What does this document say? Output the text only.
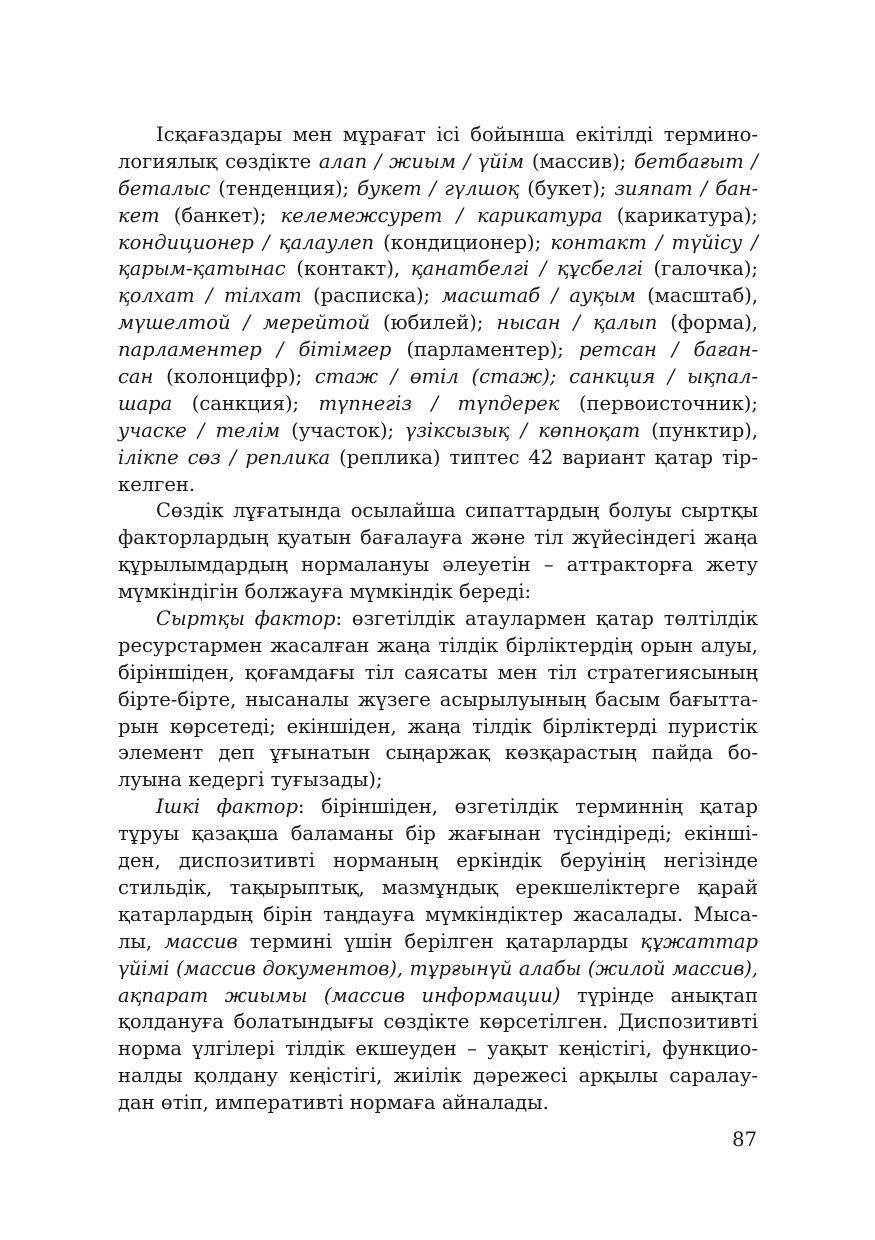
Iсқағаздары мен мұрағат iсi бойынша екiтiлдi термино-
логиялық сөздiкте алап / жиым / үйiм (массив); бетбағыт /
беталыс (тенденция); букет / гүлшоқ (букет); зияпат / бан-
кет (банкет); келемежсурет / карикатура (карикатура);
кондиционер / қалаулеп (кондиционер); контакт / түйiсу /
қарым-қатынас (контакт), қанатбелгi / құсбелгi (галочка);
қолхат / тiлхат (расписка); масштаб / ауқым (масштаб),
мүшелтой / мерейтой (юбилей); нысан / қалып (форма),
парламентер / бiтiмгер (парламентер); ретсан / баған-
сан (колонцифр); стаж / өтiл (стаж); санкция / ықпал-
шара (санкция); түпнегiз / түпдерек (первоисточник);
учаске / телiм (участок); үзiксызық / көпноқат (пунктир),
iлiкпе сөз / реплика (реплика) типтес 42 вариант қатар тiр-
келген.
Сөздiк лұғатында осылайша сипаттардың болуы сыртқы
факторлардың қуатын бағалауға және тiл жүйесiндегi жаңа
құрылымдардың нормалануы әлеуетiн – аттракторға жету
мүмкiндiгiн болжауға мүмкiндiк бередi:
Сыртқы фактор: өзгетiлдiк атаулармен қатар төлтiлдiк
ресурстармен жасалған жаңа тiлдiк бiрлiктердiң орын алуы,
бiрiншiден, қоғамдағы тiл саясаты мен тiл стратегиясының
бiрте-бiрте, нысаналы жүзеге асырылуының басым бағытта-
рын көрсетедi; екiншiден, жаңа тiлдiк бiрлiктердi пуристiк
элемент деп ұғынатын сыңаржақ көзқарастың пайда бо-
луына кедергi туғызады);
Iшкi фактор: бiрiншiден, өзгетiлдiк терминнiң қатар
тұруы қазақша баламаны бiр жағынан түсiндiредi; екiншi-
ден, диспозитивтi норманың еркiндiк беруiнiң негiзiнде
стильдiк, тақырыптық, мазмұндық ерекшелiктерге қарай
қатарлардың бiрiн таңдауға мүмкiндiктер жасалады. Мыса-
лы, массив терминi үшiн берiлген қатарларды құжаттар
үйiмi (массив документов), тұрғынүй алабы (жилой массив),
ақпарат жиымы (массив информации) түрiнде анықтап
қолдануға болатындығы сөздiкте көрсетiлген. Диспозитивтi
норма үлгiлерi тiлдiк екшеуден – уақыт кеңiстiгi, функцио-
налды қолдану кеңiстiгi, жиiлiк дәрежесi арқылы саралау-
дан өтiп, императивтi нормаға айналады.
87
